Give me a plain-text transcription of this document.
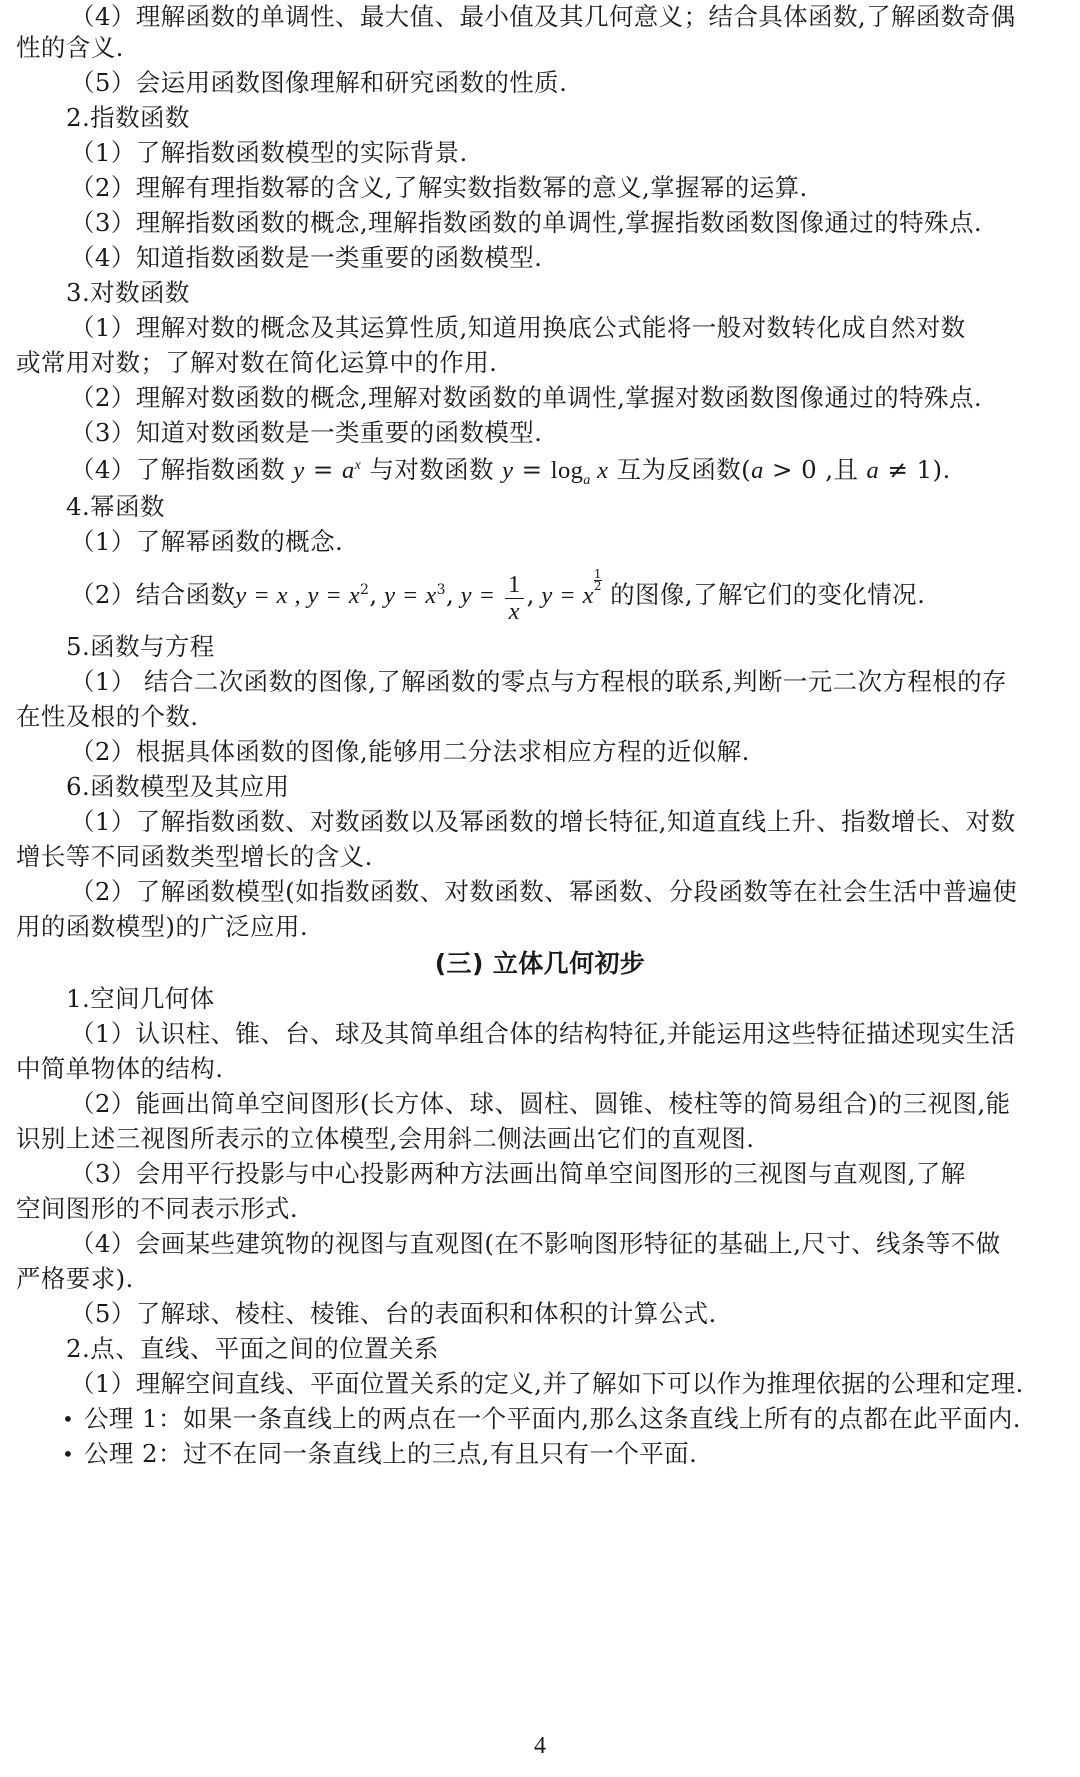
（4）理解函数的单调性、最大值、最小值及其几何意义；结合具体函数,了解函数奇偶
性的含义.
（5）会运用函数图像理解和研究函数的性质.
2.指数函数
（1）了解指数函数模型的实际背景.
（2）理解有理指数幂的含义,了解实数指数幂的意义,掌握幂的运算.
（3）理解指数函数的概念,理解指数函数的单调性,掌握指数函数图像通过的特殊点.
（4）知道指数函数是一类重要的函数模型.
3.对数函数
（1）理解对数的概念及其运算性质,知道用换底公式能将一般对数转化成自然对数
或常用对数；了解对数在简化运算中的作用.
（2）理解对数函数的概念,理解对数函数的单调性,掌握对数函数图像通过的特殊点.
（3）知道对数函数是一类重要的函数模型.
（4）了解指数函数 $y = a^x$ 与对数函数 $y = \log_a x$ 互为反函数(a > 0 ,且 a ≠ 1).
4.幂函数
（1）了解幂函数的概念.
（2）结合函数y = x , $y = x^2$, $y = x^3$, $y = \frac{1}{x}$ , y = x
$\frac{1}{2}$ 的图像,了解它们的变化情况.
5.函数与方程
（1） 结合二次函数的图像,了解函数的零点与方程根的联系,判断一元二次方程根的存
在性及根的个数.
（2）根据具体函数的图像,能够用二分法求相应方程的近似解.
6.函数模型及其应用
（1）了解指数函数、对数函数以及幂函数的增长特征,知道直线上升、指数增长、对数
增长等不同函数类型增长的含义.
（2）了解函数模型(如指数函数、对数函数、幂函数、分段函数等在社会生活中普遍使
用的函数模型)的广泛应用.
(三) 立体几何初步
1.空间几何体
（1）认识柱、锥、台、球及其简单组合体的结构特征,并能运用这些特征描述现实生活
中简单物体的结构.
（2）能画出简单空间图形(长方体、球、圆柱、圆锥、棱柱等的简易组合)的三视图,能
识别上述三视图所表示的立体模型,会用斜二侧法画出它们的直观图.
（3）会用平行投影与中心投影两种方法画出简单空间图形的三视图与直观图,了解
空间图形的不同表示形式.
（4）会画某些建筑物的视图与直观图(在不影响图形特征的基础上,尺寸、线条等不做
严格要求).
（5）了解球、棱柱、棱锥、台的表面积和体积的计算公式.
2.点、直线、平面之间的位置关系
（1）理解空间直线、平面位置关系的定义,并了解如下可以作为推理依据的公理和定理.
• 公理 1：如果一条直线上的两点在一个平面内,那么这条直线上所有的点都在此平面内.
• 公理 2：过不在同一条直线上的三点,有且只有一个平面.
4
